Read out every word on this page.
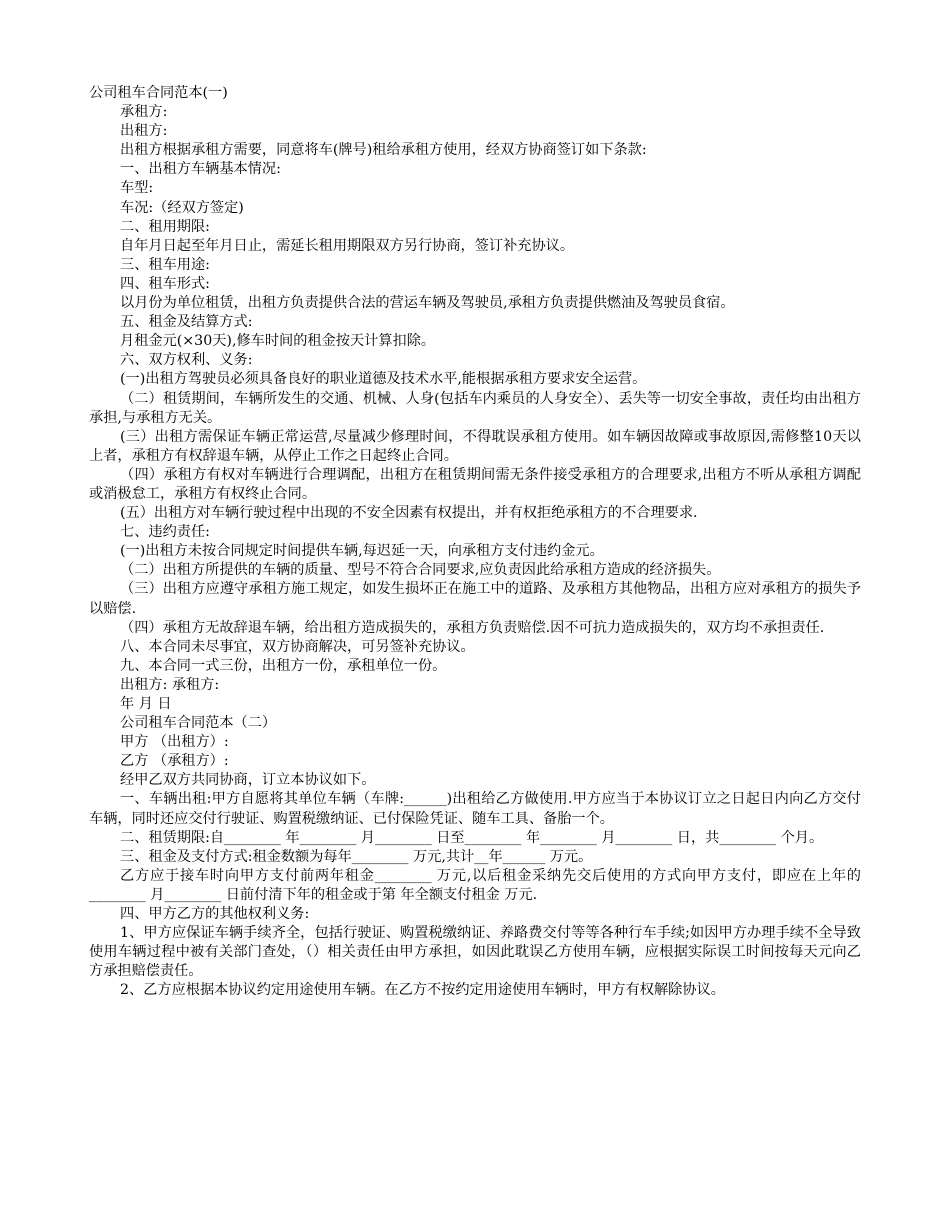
公司租车合同范本(一)
承租方:
出租方:
出租方根据承租方需要，同意将车(牌号)租给承租方使用，经双方协商签订如下条款:
一、出租方车辆基本情况:
车型:
车况:（经双方签定)
二、租用期限:
自年月日起至年月日止，需延长租用期限双方另行协商，签订补充协议。
三、租车用途:
四、租车形式:
以月份为单位租赁，出租方负责提供合法的营运车辆及驾驶员,承租方负责提供燃油及驾驶员食宿。
五、租金及结算方式:
月租金元(×30天),修车时间的租金按天计算扣除。
六、双方权利、义务:
(一)出租方驾驶员必须具备良好的职业道德及技术水平,能根据承租方要求安全运营。
（二）租赁期间，车辆所发生的交通、机械、人身(包括车内乘员的人身安全）、丢失等一切安全事故，责任均由出租方承担,与承租方无关。
(三）出租方需保证车辆正常运营,尽量减少修理时间，不得耽误承租方使用。如车辆因故障或事故原因,需修整10天以上者，承租方有权辞退车辆，从停止工作之日起终止合同。
（四）承租方有权对车辆进行合理调配，出租方在租赁期间需无条件接受承租方的合理要求,出租方不听从承租方调配或消极怠工，承租方有权终止合同。
(五）出租方对车辆行驶过程中出现的不安全因素有权提出，并有权拒绝承租方的不合理要求.
七、违约责任:
(一)出租方未按合同规定时间提供车辆,每迟延一天，向承租方支付违约金元。
（二）出租方所提供的车辆的质量、型号不符合合同要求,应负责因此给承租方造成的经济损失。
（三）出租方应遵守承租方施工规定，如发生损坏正在施工中的道路、及承租方其他物品，出租方应对承租方的损失予以赔偿.
（四）承租方无故辞退车辆，给出租方造成损失的，承租方负责赔偿.因不可抗力造成损失的，双方均不承担责任.
八、本合同未尽事宜，双方协商解决，可另签补充协议。
九、本合同一式三份，出租方一份，承租单位一份。
出租方: 承租方:
年 月 日
公司租车合同范本（二）
甲方 （出租方）:
乙方 （承租方）:
经甲乙双方共同协商，订立本协议如下。
一、车辆出租:甲方自愿将其单位车辆（车牌:______)出租给乙方做使用.甲方应当于本协议订立之日起日内向乙方交付车辆，同时还应交付行驶证、购置税缴纳证、已付保险凭证、随车工具、备胎一个。
二、租赁期限:自________ 年________ 月________ 日至________ 年________ 月________ 日，共________ 个月。
三、租金及支付方式:租金数额为每年________ 万元,共计__年______ 万元。
乙方应于接车时向甲方支付前两年租金________ 万元,以后租金采纳先交后使用的方式向甲方支付，即应在上年的________ 月________ 日前付清下年的租金或于第 年全额支付租金 万元.
四、甲方乙方的其他权利义务:
1、甲方应保证车辆手续齐全，包括行驶证、购置税缴纳证、养路费交付等等各种行车手续;如因甲方办理手续不全导致使用车辆过程中被有关部门查处，（）相关责任由甲方承担，如因此耽误乙方使用车辆，应根据实际误工时间按每天元向乙方承担赔偿责任。
2、乙方应根据本协议约定用途使用车辆。在乙方不按约定用途使用车辆时，甲方有权解除协议。
